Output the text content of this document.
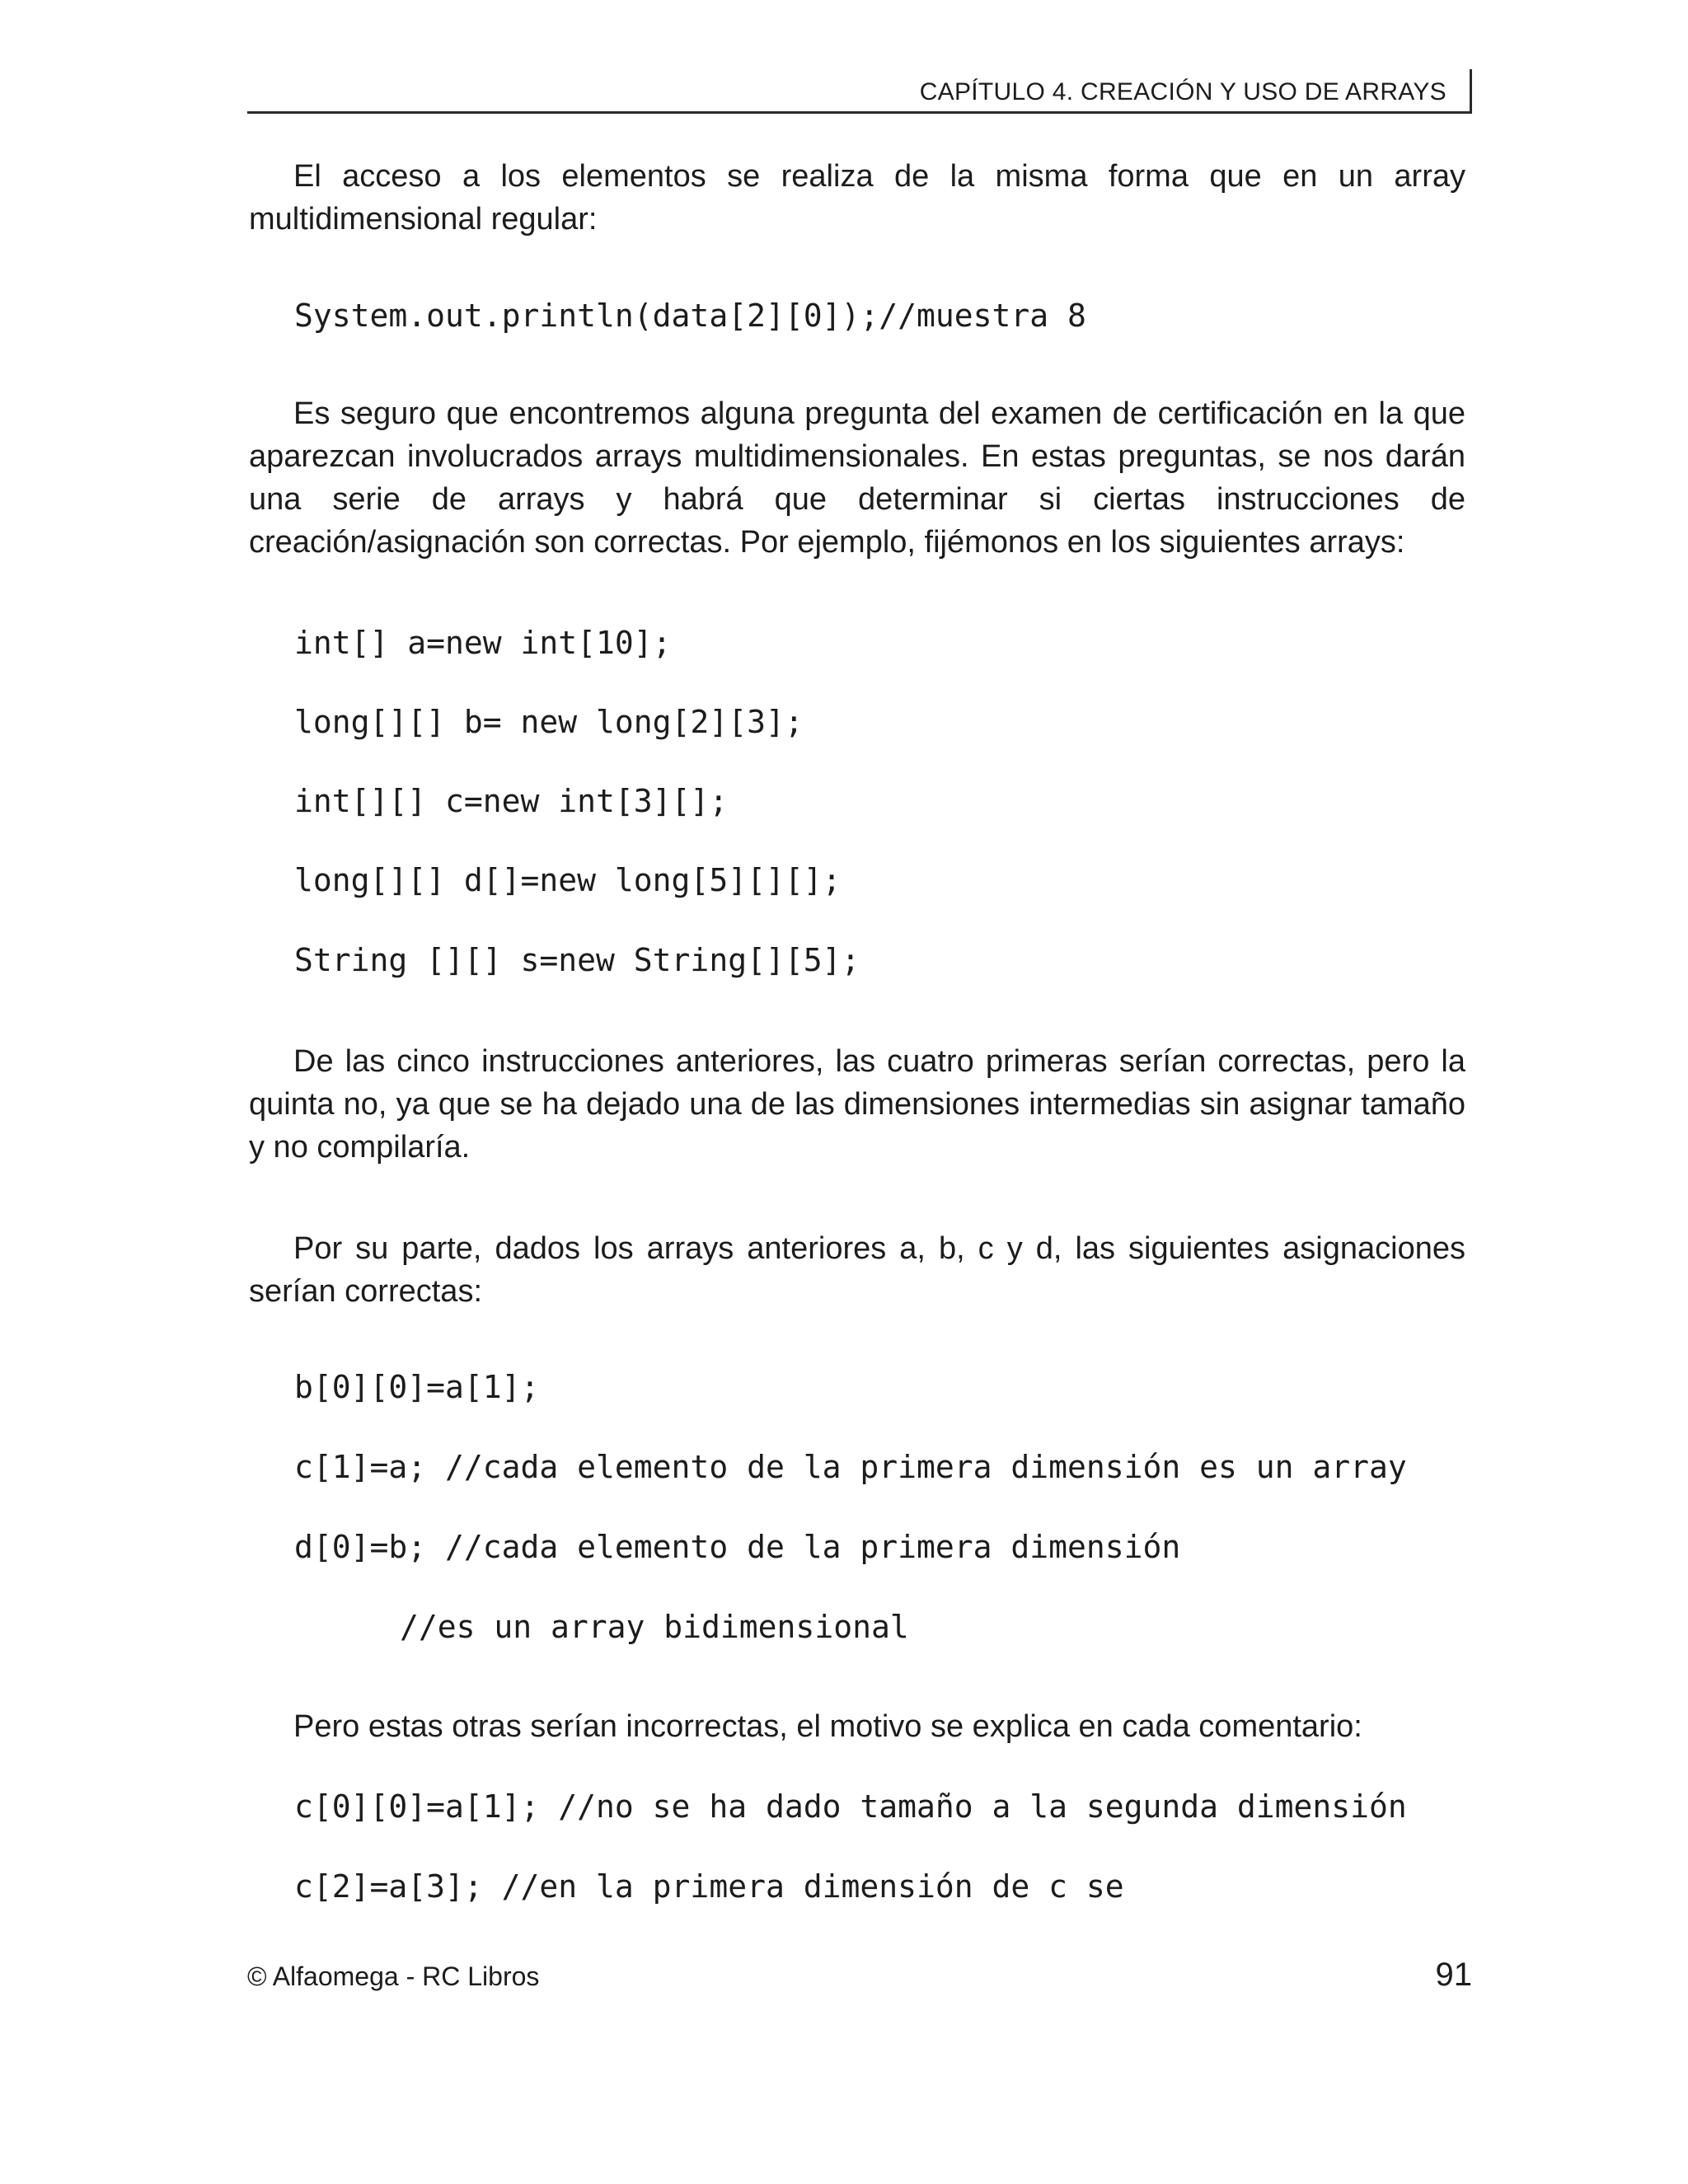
CAPÍTULO 4. CREACIÓN Y USO DE ARRAYS

El acceso a los elementos se realiza de la misma forma que en un array multidimensional regular:

System.out.println(data[2][0]);//muestra 8

Es seguro que encontremos alguna pregunta del examen de certificación en la que aparezcan involucrados arrays multidimensionales. En estas preguntas, se nos darán una serie de arrays y habrá que determinar si ciertas instrucciones de creación/asignación son correctas. Por ejemplo, fijémonos en los siguientes arrays:

int[] a=new int[10];
long[][] b= new long[2][3];
int[][] c=new int[3][];
long[][] d[]=new long[5][][];
String [][] s=new String[][5];

De las cinco instrucciones anteriores, las cuatro primeras serían correctas, pero la quinta no, ya que se ha dejado una de las dimensiones intermedias sin asignar tamaño y no compilaría.

Por su parte, dados los arrays anteriores a, b, c y d, las siguientes asignaciones serían correctas:

b[0][0]=a[1];
c[1]=a; //cada elemento de la primera dimensión es un array
d[0]=b; //cada elemento de la primera dimensión
//es un array bidimensional

Pero estas otras serían incorrectas, el motivo se explica en cada comentario:

c[0][0]=a[1]; //no se ha dado tamaño a la segunda dimensión
c[2]=a[3]; //en la primera dimensión de c se
© Alfaomega - RC Libros	91
